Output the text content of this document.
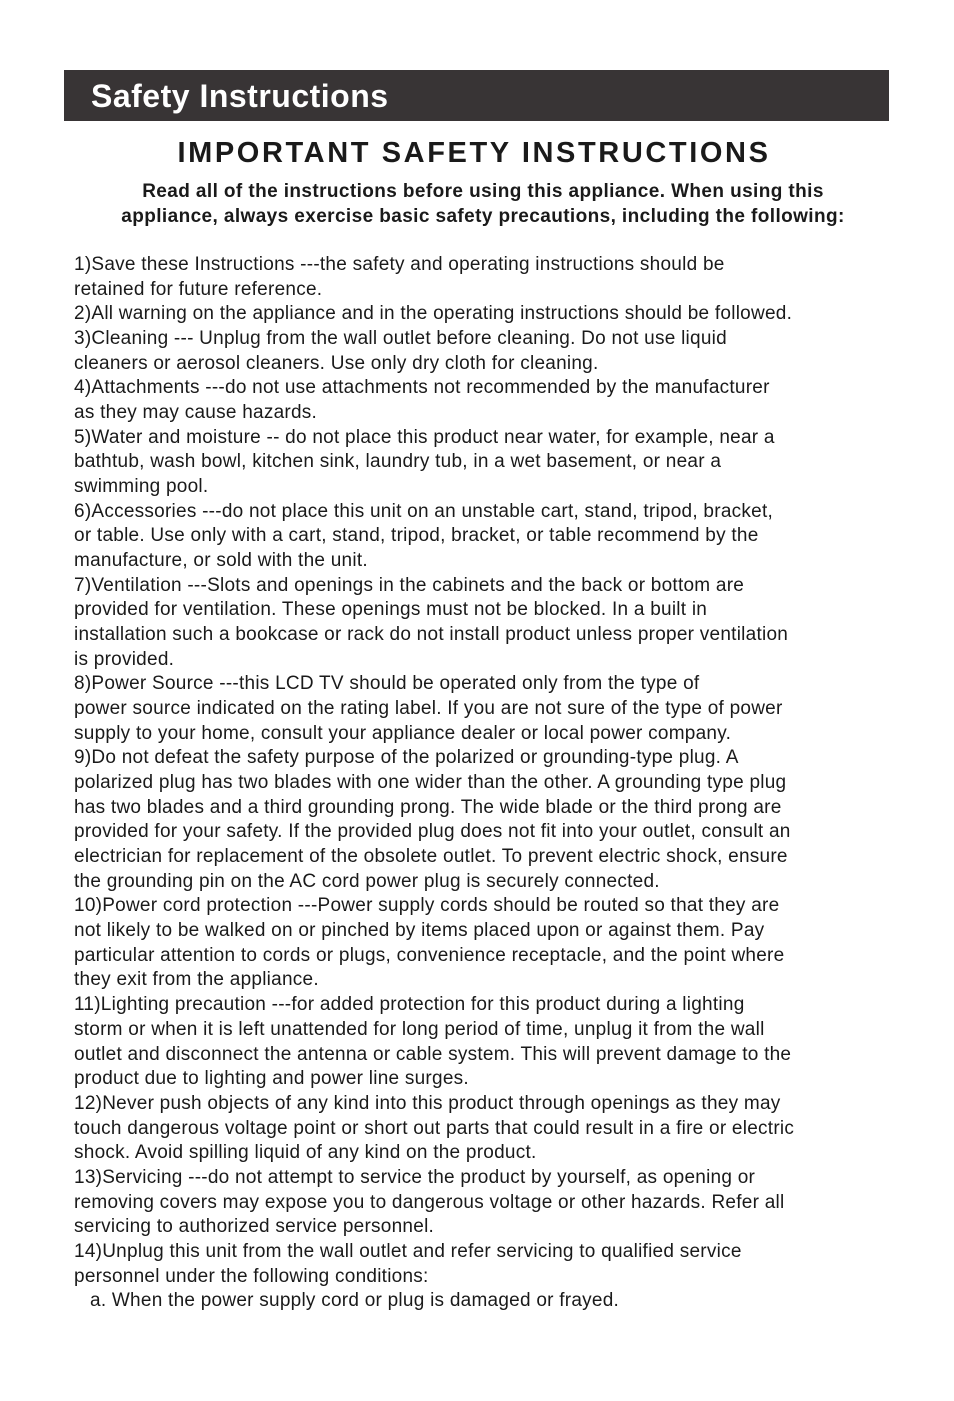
Safety Instructions
IMPORTANT SAFETY INSTRUCTIONS
Read all of the instructions before using this appliance. When using this
appliance, always exercise basic safety precautions, including the following:
1)Save these Instructions ---the safety and operating instructions should be
retained for future reference.
2)All warning on the appliance and in the operating instructions should be followed.
3)Cleaning --- Unplug from the wall outlet before cleaning. Do not use liquid
cleaners or aerosol cleaners. Use only dry cloth for cleaning.
4)Attachments ---do not use attachments not recommended by the manufacturer
as they may cause hazards.
5)Water and moisture -- do not place this product near water, for example, near a
bathtub, wash bowl, kitchen sink, laundry tub, in a wet basement, or near a
swimming pool.
6)Accessories ---do not place this unit on an unstable cart, stand, tripod, bracket,
or table. Use only with a cart, stand, tripod, bracket, or table recommend by the
manufacture, or sold with the unit.
7)Ventilation ---Slots and openings in the cabinets and the back or bottom are
provided for ventilation. These openings must not be blocked. In a built in
installation such a bookcase or rack do not install product unless proper ventilation
is provided.
8)Power Source ---this LCD TV should be operated only from the type of
power source indicated on the rating label. If you are not sure of the type of power
supply to your home, consult your appliance dealer or local power company.
9)Do not defeat the safety purpose of the polarized or grounding-type plug. A
polarized plug has two blades with one wider than the other. A grounding type plug
has two blades and a third grounding prong. The wide blade or the third prong are
provided for your safety. If the provided plug does not fit into your outlet, consult an
electrician for replacement of the obsolete outlet. To prevent electric shock, ensure
the grounding pin on the AC cord power plug is securely connected.
10)Power cord protection ---Power supply cords should be routed so that they are
not likely to be walked on or pinched by items placed upon or against them. Pay
particular attention to cords or plugs, convenience receptacle, and the point where
they exit from the appliance.
11)Lighting precaution ---for added protection for this product during a lighting
storm or when it is left unattended for long period of time, unplug it from the wall
outlet and disconnect the antenna or cable system. This will prevent damage to the
product due to lighting and power line surges.
12)Never push objects of any kind into this product through openings as they may
touch dangerous voltage point or short out parts that could result in a fire or electric
shock. Avoid spilling liquid of any kind on the product.
13)Servicing ---do not attempt to service the product by yourself, as opening or
removing covers may expose you to dangerous voltage or other hazards. Refer all
servicing to authorized service personnel.
14)Unplug this unit from the wall outlet and refer servicing to qualified service
personnel under the following conditions:
a. When the power supply cord or plug is damaged or frayed.
